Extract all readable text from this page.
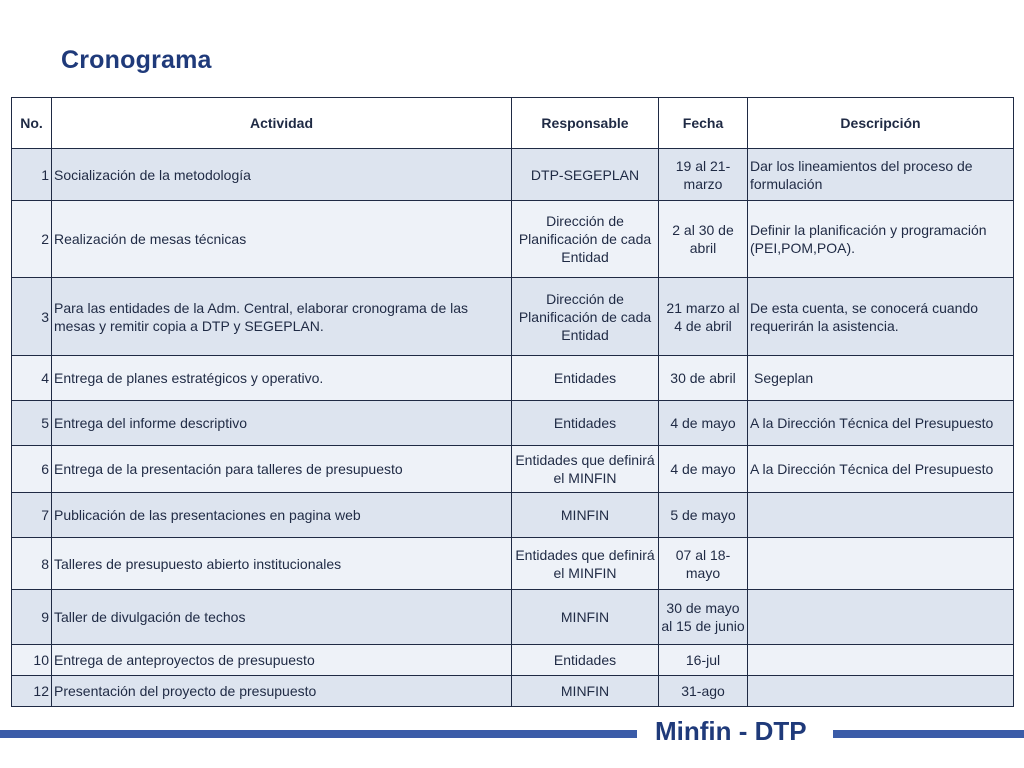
Cronograma
No.	Actividad	Responsable	Fecha	Descripción
1	Socialización de la metodología	DTP-SEGEPLAN	19 al 21-marzo	Dar los lineamientos del proceso de formulación
2	Realización de mesas técnicas	Dirección de Planificación de cada Entidad	2 al 30 de abril	Definir la planificación y programación (PEI,POM,POA).
3	Para las entidades de la Adm. Central, elaborar cronograma de las mesas y remitir copia a DTP y SEGEPLAN.	Dirección de Planificación de cada Entidad	21 marzo al 4 de abril	De esta cuenta, se conocerá cuando requerirán la asistencia.
4	Entrega de planes estratégicos y operativo.	Entidades	30 de abril	Segeplan
5	Entrega del informe descriptivo	Entidades	4 de mayo	A la Dirección Técnica del Presupuesto
6	Entrega de la presentación para talleres de presupuesto	Entidades que definirá el MINFIN	4 de mayo	A la Dirección Técnica del Presupuesto
7	Publicación de las presentaciones en pagina web	MINFIN	5 de mayo	
8	Talleres de presupuesto abierto institucionales	Entidades que definirá el MINFIN	07 al 18-mayo	
9	Taller de divulgación de techos	MINFIN	30 de mayo al 15 de junio	
10	Entrega de anteproyectos de presupuesto	Entidades	16-jul	
12	Presentación del proyecto de presupuesto	MINFIN	31-ago	
Minfin - DTP
